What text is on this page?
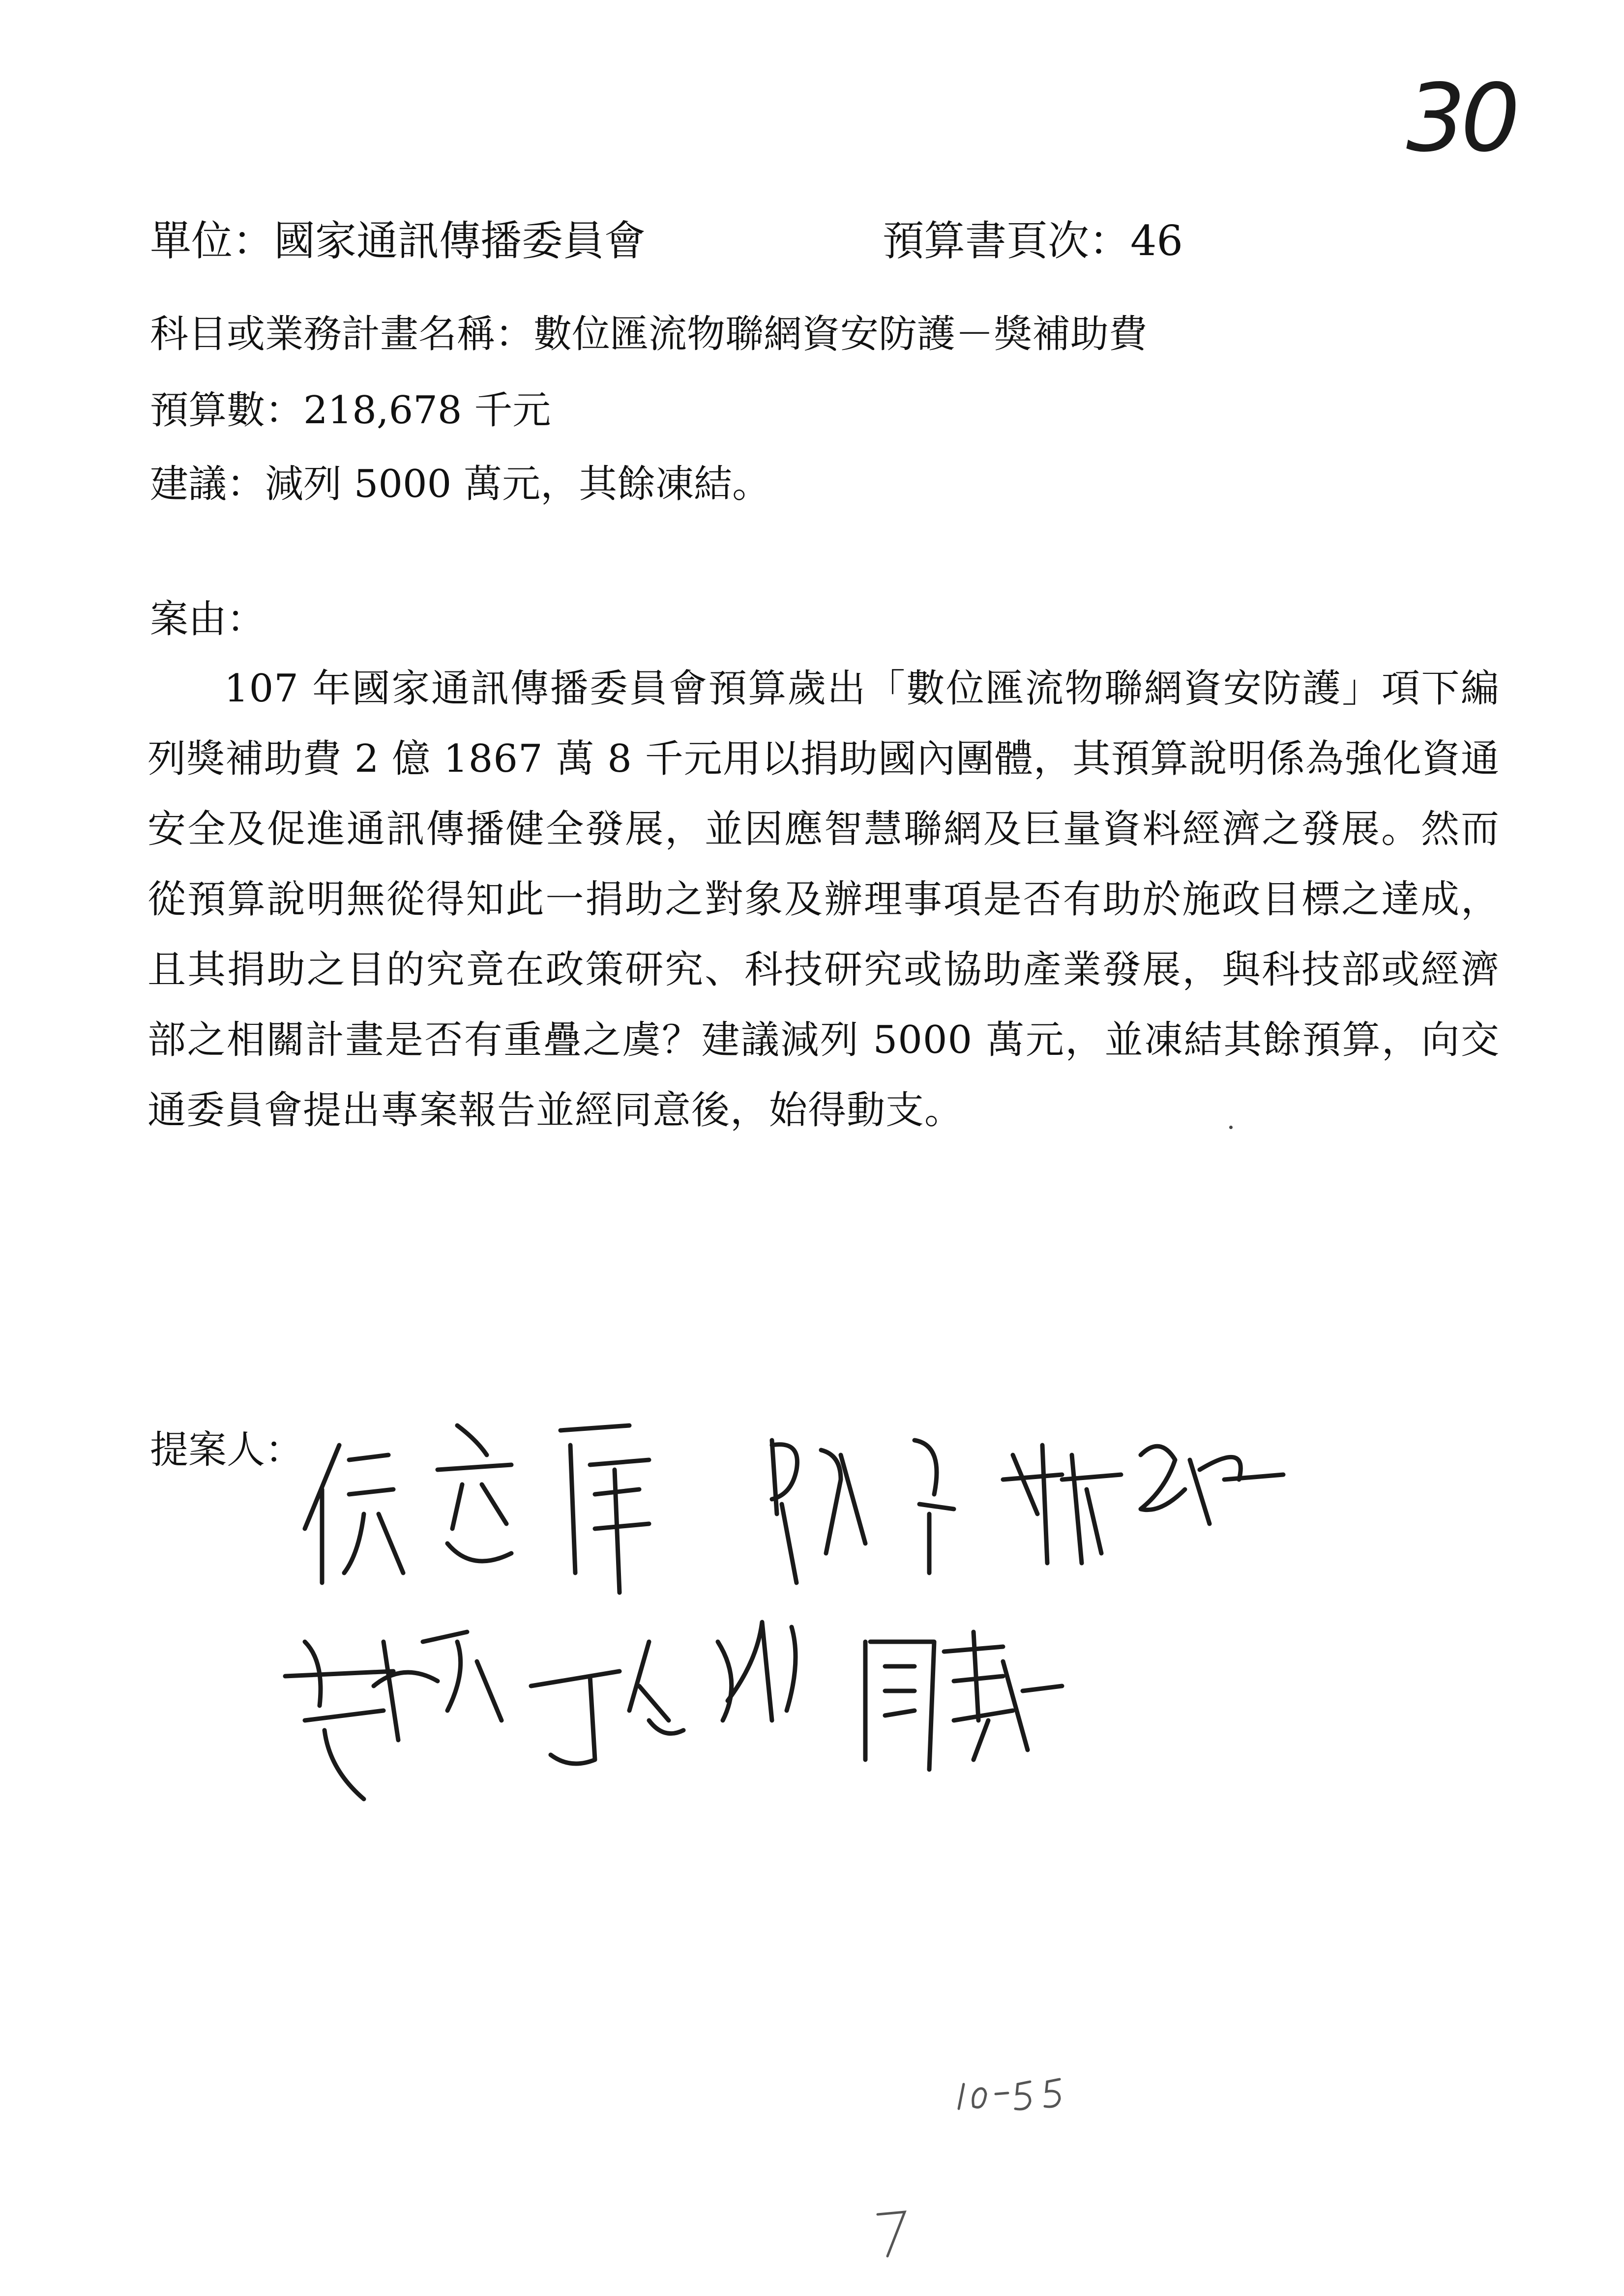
30
單位：國家通訊傳播委員會	預算書頁次：46
科目或業務計畫名稱：數位匯流物聯網資安防護－獎補助費
預算數：218,678 千元
建議：減列 5000 萬元，其餘凍結。
案由：
107 年國家通訊傳播委員會預算歲出「數位匯流物聯網資安防護」項下編列獎補助費 2 億 1867 萬 8 千元用以捐助國內團體，其預算說明係為強化資通安全及促進通訊傳播健全發展，並因應智慧聯網及巨量資料經濟之發展。然而從預算說明無從得知此一捐助之對象及辦理事項是否有助於施政目標之達成，且其捐助之目的究竟在政策研究、科技研究或協助產業發展，與科技部或經濟部之相關計畫是否有重疊之虞？建議減列 5000 萬元，並凍結其餘預算，向交通委員會提出專案報告並經同意後，始得動支。
提案人：
